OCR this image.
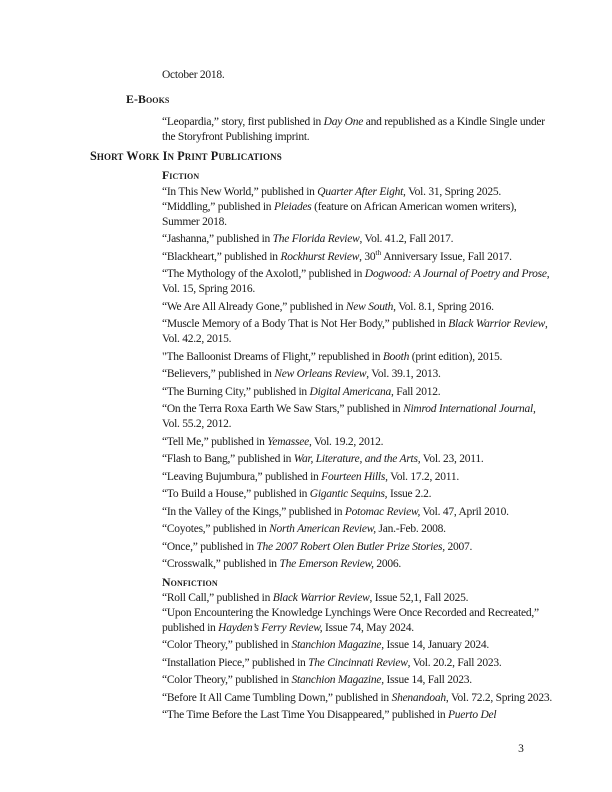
October 2018.

E-Books

“Leopardia,” story, first published in Day One and republished as a Kindle Single under the Storyfront Publishing imprint.

Short Work In Print Publications
Fiction

“In This New World,” published in Quarter After Eight, Vol. 31, Spring 2025.

“Middling,” published in Pleiades (feature on African American women writers), Summer 2018.

“Jashanna,” published in The Florida Review, Vol. 41.2, Fall 2017.

“Blackheart,” published in Rockhurst Review, 30th Anniversary Issue, Fall 2017.

“The Mythology of the Axolotl,” published in Dogwood: A Journal of Poetry and Prose, Vol. 15, Spring 2016.

“We Are All Already Gone,” published in New South, Vol. 8.1, Spring 2016.

“Muscle Memory of a Body That is Not Her Body,” published in Black Warrior Review, Vol. 42.2, 2015.

"The Balloonist Dreams of Flight,” republished in Booth (print edition), 2015.

“Believers,” published in New Orleans Review, Vol. 39.1, 2013.

“The Burning City,” published in Digital Americana, Fall 2012.

“On the Terra Roxa Earth We Saw Stars,” published in Nimrod International Journal, Vol. 55.2, 2012.

“Tell Me,” published in Yemassee, Vol. 19.2, 2012.

“Flash to Bang,” published in War, Literature, and the Arts, Vol. 23, 2011.

“Leaving Bujumbura,” published in Fourteen Hills, Vol. 17.2, 2011.

“To Build a House,” published in Gigantic Sequins, Issue 2.2.

“In the Valley of the Kings,” published in Potomac Review, Vol. 47, April 2010.

“Coyotes,” published in North American Review, Jan.-Feb. 2008.

“Once,” published in The 2007 Robert Olen Butler Prize Stories, 2007.

“Crosswalk,” published in The Emerson Review, 2006.

Nonfiction

“Roll Call,” published in Black Warrior Review, Issue 52,1, Fall 2025.

“Upon Encountering the Knowledge Lynchings Were Once Recorded and Recreated,” published in Hayden’s Ferry Review, Issue 74, May 2024.

“Color Theory,” published in Stanchion Magazine, Issue 14, January 2024.

“Installation Piece,” published in The Cincinnati Review, Vol. 20.2, Fall 2023.

“Color Theory,” published in Stanchion Magazine, Issue 14, Fall 2023.

“Before It All Came Tumbling Down,” published in Shenandoah, Vol. 72.2, Spring 2023.

“The Time Before the Last Time You Disappeared,” published in Puerto Del

3
